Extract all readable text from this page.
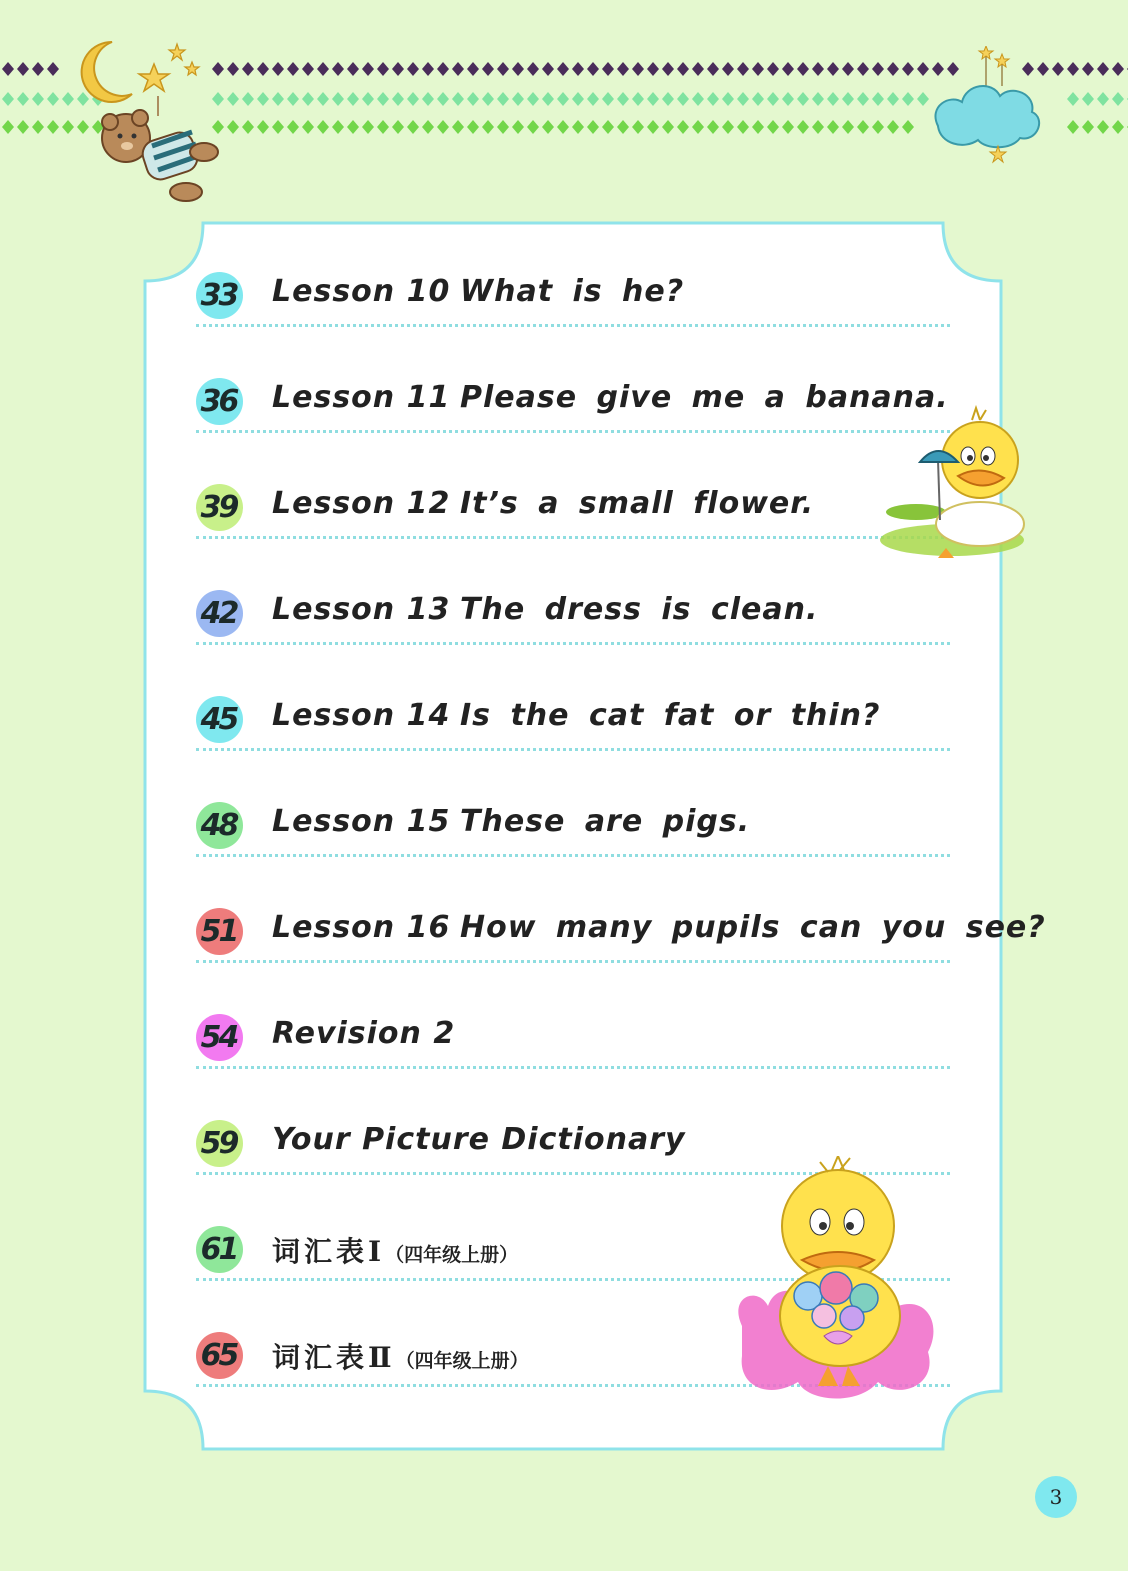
33 Lesson 10 What is he?
36 Lesson 11 Please give me a banana.
39 Lesson 12 It’s a small flower.
42 Lesson 13 The dress is clean.
45 Lesson 14 Is the cat fat or thin?
48 Lesson 15 These are pigs.
51 Lesson 16 How many pupils can you see?
54 Revision 2
59 Your Picture Dictionary
61 词汇表Ⅰ（四年级上册）
65 词汇表Ⅱ（四年级上册）
3
